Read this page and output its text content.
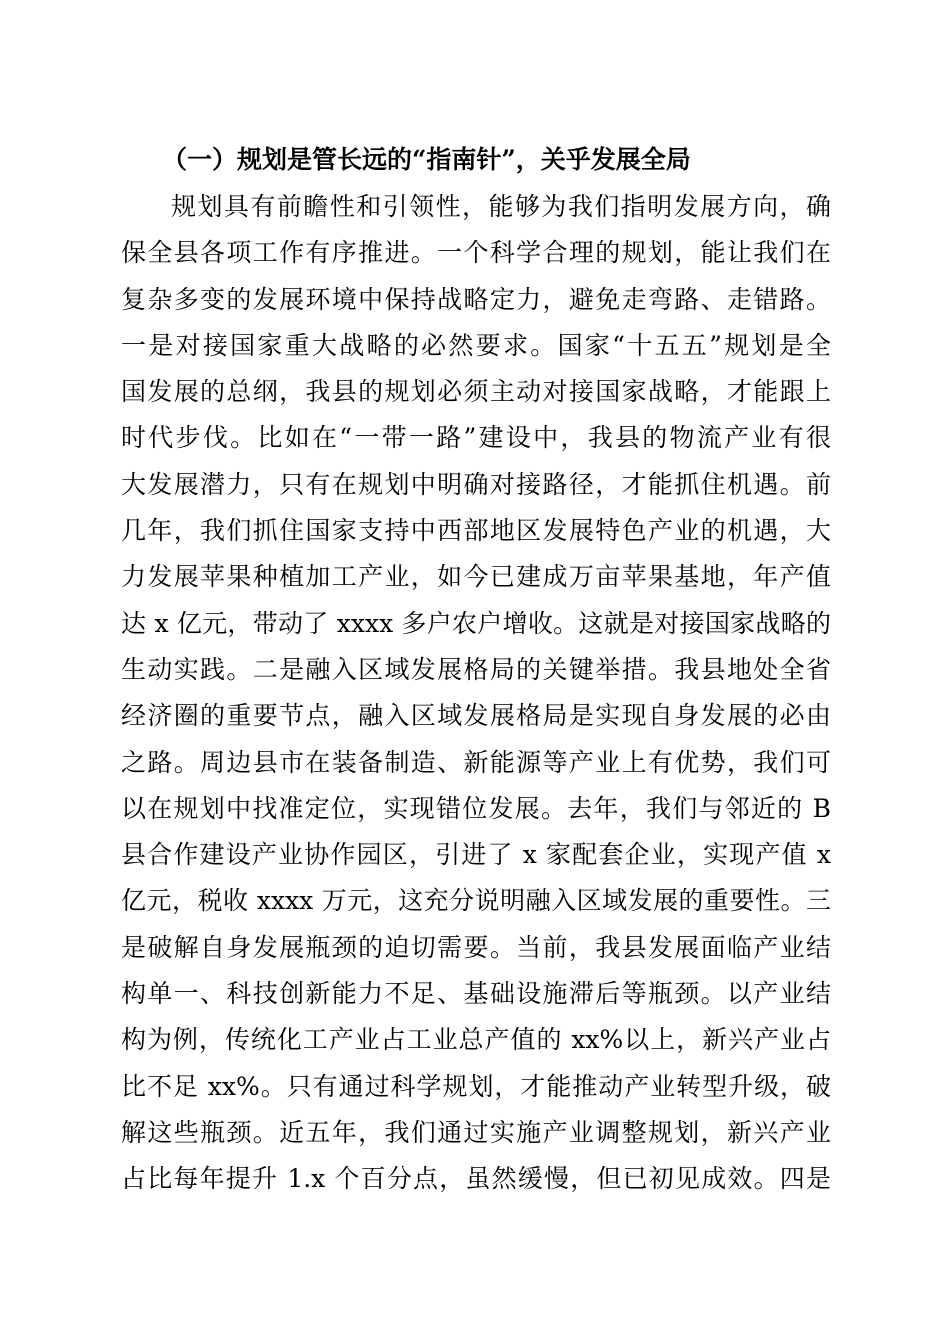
（一）规划是管长远的“指南针”，关乎发展全局
规划具有前瞻性和引领性，能够为我们指明发展方向，确
保全县各项工作有序推进。一个科学合理的规划，能让我们在
复杂多变的发展环境中保持战略定力，避免走弯路、走错路。
一是对接国家重大战略的必然要求。国家“十五五”规划是全
国发展的总纲，我县的规划必须主动对接国家战略，才能跟上
时代步伐。比如在“一带一路”建设中，我县的物流产业有很
大发展潜力，只有在规划中明确对接路径，才能抓住机遇。前
几年，我们抓住国家支持中西部地区发展特色产业的机遇，大
力发展苹果种植加工产业，如今已建成万亩苹果基地，年产值
达 x 亿元，带动了 xxxx 多户农户增收。这就是对接国家战略的
生动实践。二是融入区域发展格局的关键举措。我县地处全省
经济圈的重要节点，融入区域发展格局是实现自身发展的必由
之路。周边县市在装备制造、新能源等产业上有优势，我们可
以在规划中找准定位，实现错位发展。去年，我们与邻近的 B
县合作建设产业协作园区，引进了 x 家配套企业，实现产值 x
亿元，税收 xxxx 万元，这充分说明融入区域发展的重要性。三
是破解自身发展瓶颈的迫切需要。当前，我县发展面临产业结
构单一、科技创新能力不足、基础设施滞后等瓶颈。以产业结
构为例，传统化工产业占工业总产值的 xx%以上，新兴产业占
比不足 xx%。只有通过科学规划，才能推动产业转型升级，破
解这些瓶颈。近五年，我们通过实施产业调整规划，新兴产业
占比每年提升 1.x 个百分点，虽然缓慢，但已初见成效。四是
